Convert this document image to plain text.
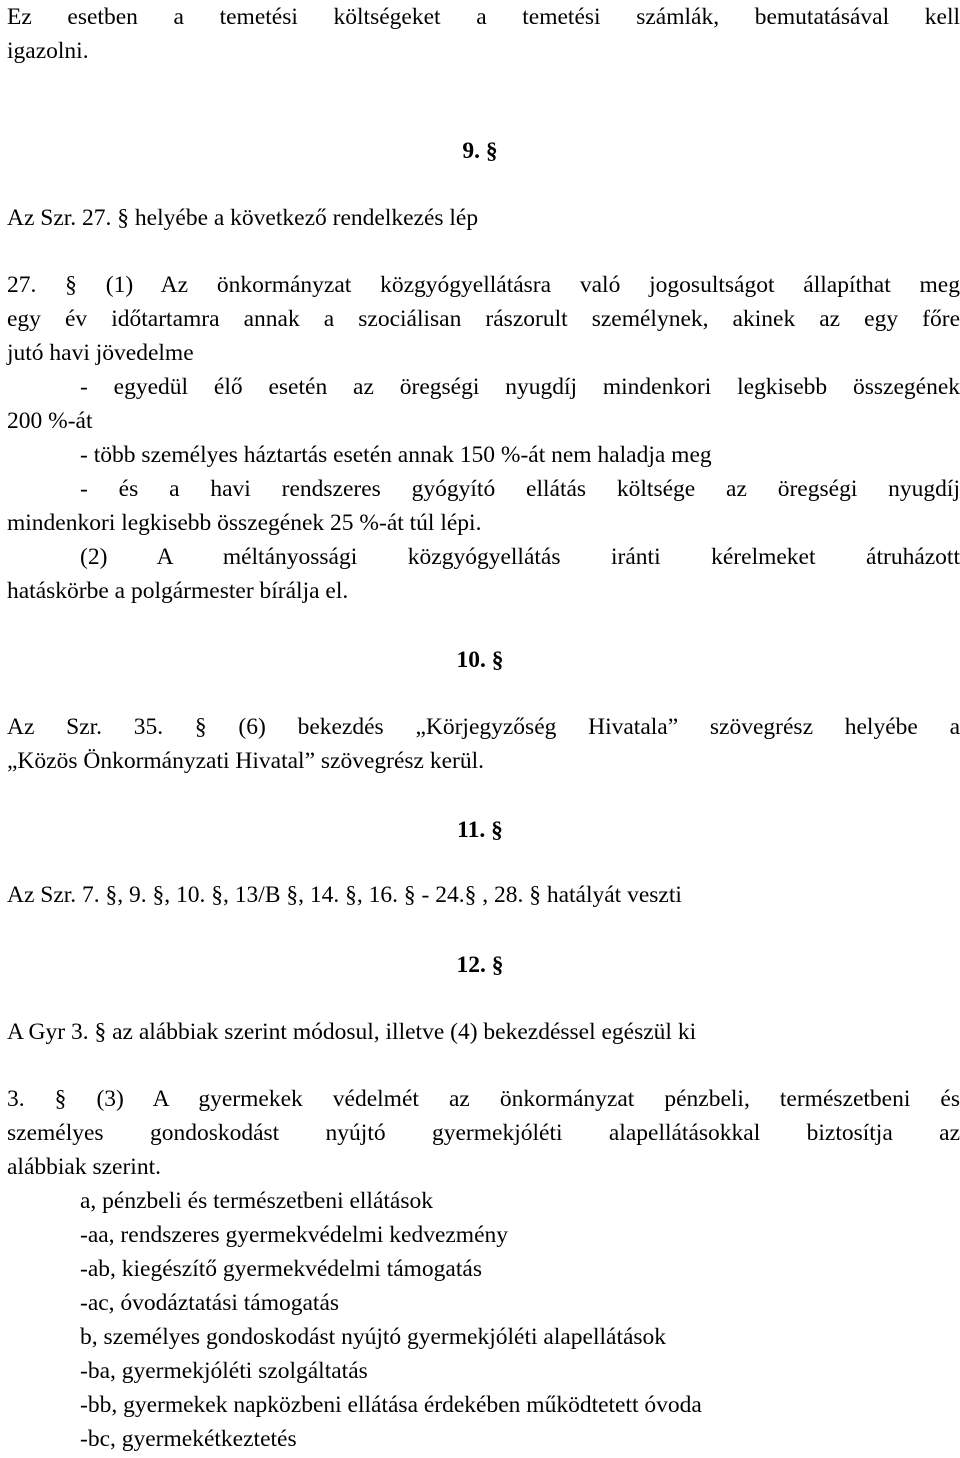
Ez esetben a temetési költségeket a temetési számlák, bemutatásával kell
igazolni.
9. §
Az Szr. 27. § helyébe a következő rendelkezés lép
27. § (1) Az önkormányzat közgyógyellátásra való jogosultságot állapíthat meg
egy év időtartamra annak a szociálisan rászorult személynek, akinek az egy főre
jutó havi jövedelme
- egyedül élő esetén az öregségi nyugdíj mindenkori legkisebb összegének
200 %-át
- több személyes háztartás esetén annak 150 %-át nem haladja meg
- és a havi rendszeres gyógyító ellátás költsége az öregségi nyugdíj
mindenkori legkisebb összegének 25 %-át túl lépi.
(2) A méltányossági közgyógyellátás iránti kérelmeket átruházott
hatáskörbe a polgármester bírálja el.
10. §
Az Szr. 35. § (6) bekezdés „Körjegyzőség Hivatala” szövegrész helyébe a
„Közös Önkormányzati Hivatal” szövegrész kerül.
11. §
Az Szr. 7. §, 9. §, 10. §, 13/B §, 14. §, 16. § - 24.§ , 28. § hatályát veszti
12. §
A Gyr 3. § az alábbiak szerint módosul, illetve (4) bekezdéssel egészül ki
3. § (3) A gyermekek védelmét az önkormányzat pénzbeli, természetbeni és
személyes gondoskodást nyújtó gyermekjóléti alapellátásokkal biztosítja az
alábbiak szerint.
a, pénzbeli és természetbeni ellátások
-aa, rendszeres gyermekvédelmi kedvezmény
-ab, kiegészítő gyermekvédelmi támogatás
-ac, óvodáztatási támogatás
b, személyes gondoskodást nyújtó gyermekjóléti alapellátások
-ba, gyermekjóléti szolgáltatás
-bb, gyermekek napközbeni ellátása érdekében működtetett óvoda
-bc, gyermekétkeztetés
